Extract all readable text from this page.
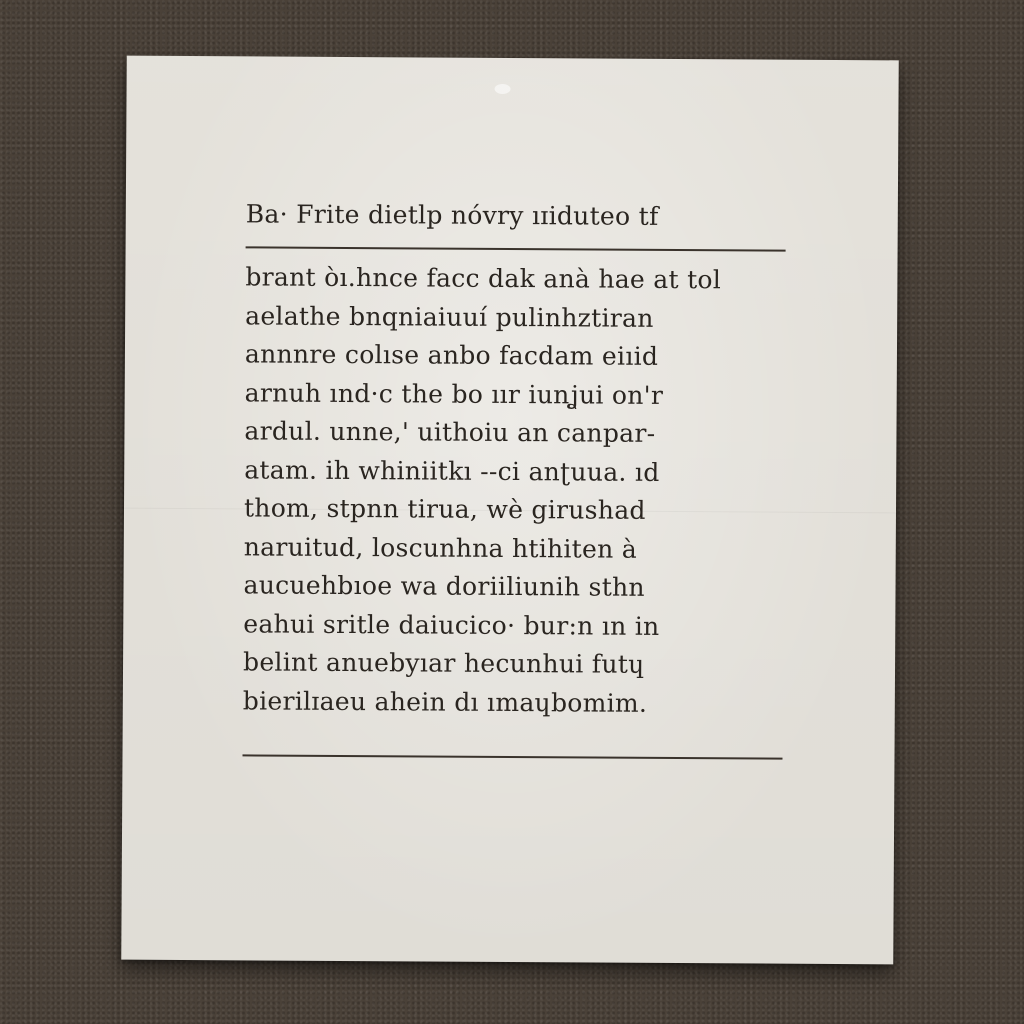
Ba· Frite dietlp nóvry ıɪiduteo tf
brant òı.hnce facc dak anà hae at tol
aelathe bnqniaiuuí pulinhztiran
annnre colıse anbo facdam eiıid
arnuh ınd·c the bo ıır iunʝui on'r
ardul. unne,' uithoiu an canpar-
atam. ih whiniitkı --ci anʈuua. ıd
thom, stpnn tirua, wè girushad
naruitud, loscunhna htihiten à
aucuehbıoe wa doriiliunih sthn
eahui sritle daiucico· bur:n ın in
belint anuebyıar hecunhui futɥ
bierilɪaeu ahein dı ımaɥbomim.
